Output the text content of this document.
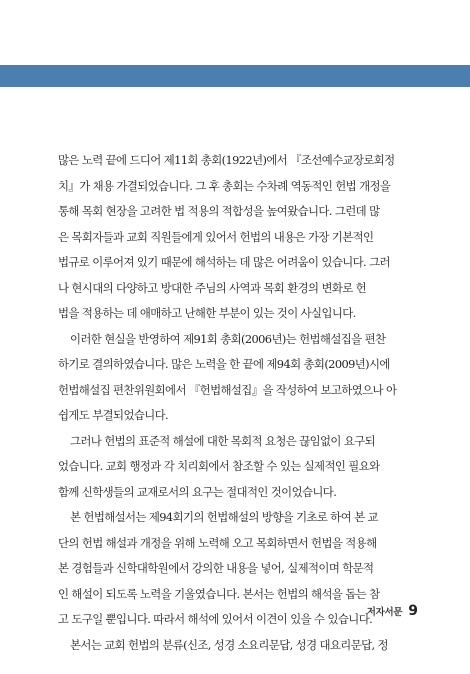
많은 노력 끝에 드디어 제11회 총회(1922년)에서 『조선예수교장로회정
치』가 채용 가결되었습니다. 그 후 총회는 수차례 역동적인 헌법 개정을
통해 목회 현장을 고려한 법 적용의 적합성을 높여왔습니다. 그런데 많
은 목회자들과 교회 직원들에게 있어서 헌법의 내용은 가장 기본적인
법규로 이루어져 있기 때문에 해석하는 데 많은 어려움이 있습니다. 그러
나 현시대의 다양하고 방대한 주님의 사역과 목회 환경의 변화로 헌
법을 적용하는 데 애매하고 난해한 부분이 있는 것이 사실입니다.

이러한 현실을 반영하여 제91회 총회(2006년)는 헌법해설집을 편찬
하기로 결의하였습니다. 많은 노력을 한 끝에 제94회 총회(2009년)시에
헌법해설집 편찬위원회에서 『헌법해설집』을 작성하여 보고하였으나 아
쉽게도 부결되었습니다.

그러나 헌법의 표준적 해설에 대한 목회적 요청은 끊임없이 요구되
었습니다. 교회 행정과 각 치리회에서 참조할 수 있는 실제적인 필요와
함께 신학생들의 교재로서의 요구는 절대적인 것이었습니다.

본 헌법해설서는 제94회기의 헌법해설의 방향을 기초로 하여 본 교
단의 헌법 해설과 개정을 위해 노력해 오고 목회하면서 헌법을 적용해
본 경험들과 신학대학원에서 강의한 내용을 넣어, 실제적이며 학문적
인 해설이 되도록 노력을 기울였습니다. 본서는 헌법의 해석을 돕는 참
고 도구일 뿐입니다. 따라서 해석에 있어서 이견이 있을 수 있습니다.

본서는 교회 헌법의 분류(신조, 성경 소요리문답, 성경 대요리문답, 정

저자서문 9
